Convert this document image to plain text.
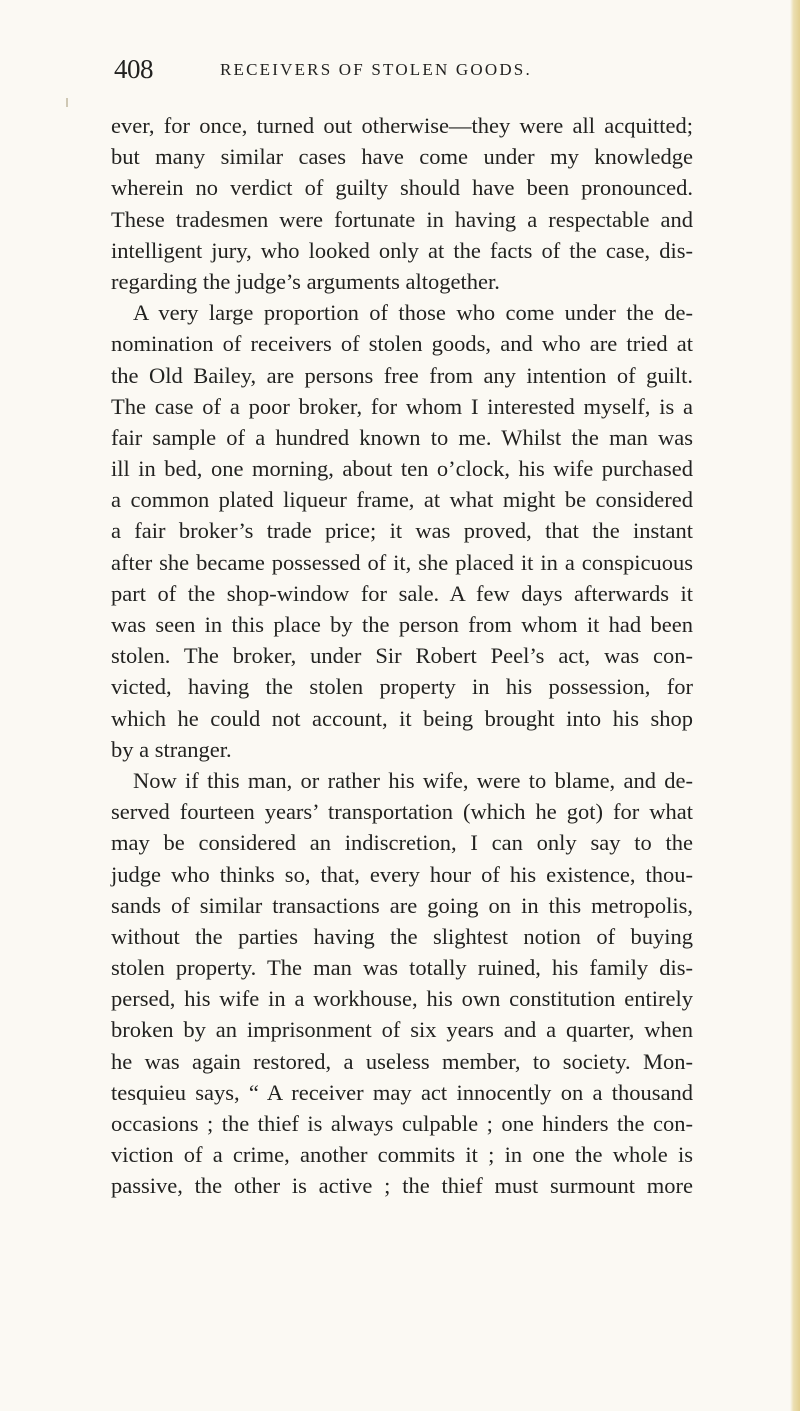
408	RECEIVERS OF STOLEN GOODS.
ever, for once, turned out otherwise—they were all acquitted;
but many similar cases have come under my knowledge
wherein no verdict of guilty should have been pronounced.
These tradesmen were fortunate in having a respectable and
intelligent jury, who looked only at the facts of the case, dis-
regarding the judge’s arguments altogether.
A very large proportion of those who come under the de-
nomination of receivers of stolen goods, and who are tried at
the Old Bailey, are persons free from any intention of guilt.
The case of a poor broker, for whom I interested myself, is a
fair sample of a hundred known to me. Whilst the man was
ill in bed, one morning, about ten o’clock, his wife purchased
a common plated liqueur frame, at what might be considered
a fair broker’s trade price; it was proved, that the instant
after she became possessed of it, she placed it in a conspicuous
part of the shop-window for sale. A few days afterwards it
was seen in this place by the person from whom it had been
stolen. The broker, under Sir Robert Peel’s act, was con-
victed, having the stolen property in his possession, for
which he could not account, it being brought into his shop
by a stranger.
Now if this man, or rather his wife, were to blame, and de-
served fourteen years’ transportation (which he got) for what
may be considered an indiscretion, I can only say to the
judge who thinks so, that, every hour of his existence, thou-
sands of similar transactions are going on in this metropolis,
without the parties having the slightest notion of buying
stolen property. The man was totally ruined, his family dis-
persed, his wife in a workhouse, his own constitution entirely
broken by an imprisonment of six years and a quarter, when
he was again restored, a useless member, to society. Mon-
tesquieu says, “ A receiver may act innocently on a thousand
occasions ; the thief is always culpable ; one hinders the con-
viction of a crime, another commits it ; in one the whole is
passive, the other is active ; the thief must surmount more
